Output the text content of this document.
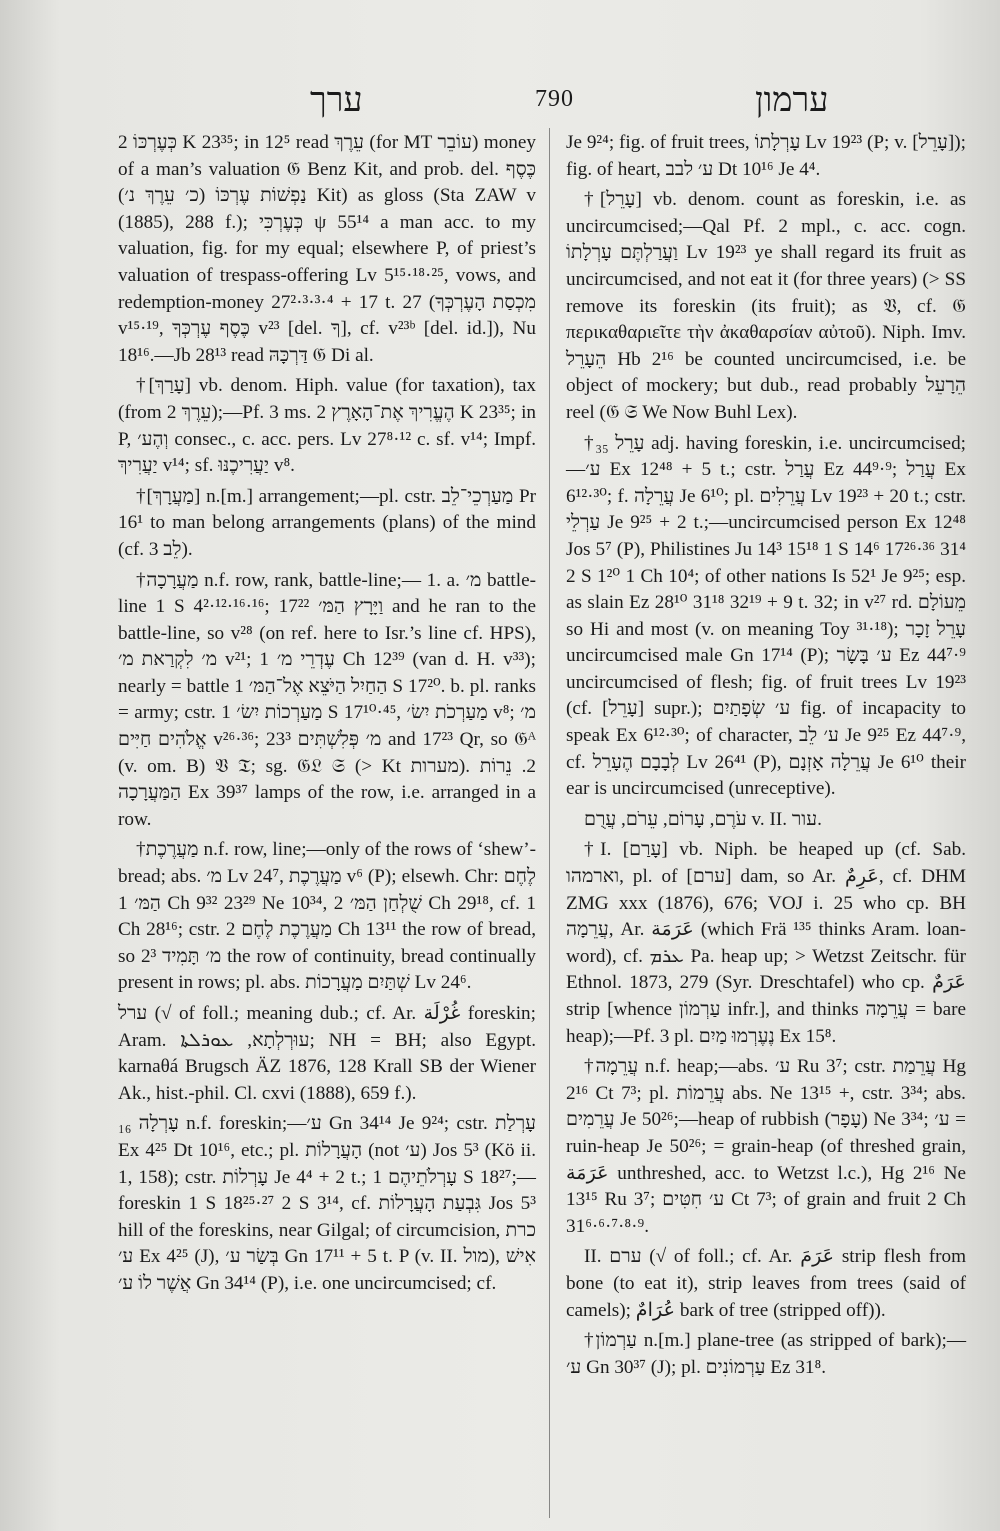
ערך	790	ערמון

כְּעֶרְכּוֹ 2 K 23³⁵; in 12⁵ read עֵרֶךְ (for MT עוֹבֵר) money of a man’s valuation 𝔊 Benz Kit, and prob. del. כֶּסֶף נַפְשׁוֹת עֶרְכּוֹ (כ׳ עֵרֶךְ נ׳) Kit) as gloss (Sta ZAW v (1885), 288 f.); כְּעֶרְכִּי ψ 55¹⁴ a man acc. to my valuation, fig. for my equal; elsewhere P, of priest’s valuation of trespass-offering Lv 5¹⁵·¹⁸·²⁵, vows, and redemption-money 27²·³·³·⁴ + 17 t. 27 (מִכְסַת הָעֶרְכְּךָ v¹⁵·¹⁹, כֶּסֶף עֶרְכְּךָ v²³ [del. ךָ], cf. v²³ᵇ [del. id.]), Nu 18¹⁶.—Jb 28¹³ read דַּרְכָּהּ 𝔊 Di al.

†[עָרַךְ] vb. denom. Hiph. value (for taxation), tax (from עֵרֶךְ 2);—Pf. 3 ms. הֶעֱרִיךְ אֶת־הָאָרֶץ 2 K 23³⁵; in P, וְהֶע׳ consec., c. acc. pers. Lv 27⁸·¹² c. sf. v¹⁴; Impf. יַעֲרִיךְ v¹⁴; sf. יַעֲרִיכֶנּוּ v⁸.

†[מַעֲרָךְ] n.[m.] arrangement;—pl. cstr. מַעַרְכֵי־לֵב Pr 16¹ to man belong arrangements (plans) of the mind (cf. לֵב 3).

†מַעֲרָכָה n.f. row, rank, battle-line;— 1. a. מ׳ battle-line 1 S 4²·¹²·¹⁶·¹⁶; וַיָּרָץ הַמּ׳ 17²² and he ran to the battle-line, so v²⁸ (on ref. here to Isr.’s line cf. HPS), מ׳ לִקְרַאת מ׳ v²¹; עֶדְרֵי מ׳ 1 Ch 12³⁹ (van d. H. v³³); nearly = battle הַחַיִל הַיֹּצֵא אֶל־הַמּ׳ 1 S 17²⁰. b. pl. ranks = army; cstr. מַעַרְכוֹת יִשׂ׳ 1 S 17¹⁰·⁴⁵, מַעַרְכֹת יִשׂ׳ v⁸; מ׳ אֱלֹהִים חַיִּים v²⁶·³⁶; מ׳ פְּלִשְׁתִּים 23³ and 17²³ Qr, so 𝔊ᴬ (v. om. B) 𝔙 𝔗; sg. 𝔊𝔏 𝔖 (> Kt מערות). 2. נֵרוֹת הַמַּעֲרָכָה Ex 39³⁷ lamps of the row, i.e. arranged in a row.

†מַעֲרֶכֶת n.f. row, line;—only of the rows of ‘shew’-bread; abs. מ׳ Lv 24⁷, מַעֲרֶכֶת v⁶ (P); elsewh. Chr: לֶחֶם הַמּ׳ 1 Ch 9³² 23²⁹ Ne 10³⁴, שֻׁלְחַן הַמּ׳ 2 Ch 29¹⁸, cf. 1 Ch 28¹⁶; cstr. מַעֲרֶכֶת לֶחֶם 2 Ch 13¹¹ the row of bread, so מ׳ תָּמִיד 2³ the row of continuity, bread continually present in rows; pl. abs. שְׁתַּיִם מַעֲרָכוֹת Lv 24⁶.

ערל (√ of foll.; meaning dub.; cf. Ar. غُرْلَة foreskin; Aram. עוּרְלְתָא, ܥܘܪܠܬܐ; NH = BH; also Egypt. karnaθá Brugsch ÄZ 1876, 128 Krall SB der Wiener Ak., hist.-phil. Cl. cxvi (1888), 659 f.).

עָרְלָה ₁₆ n.f. foreskin;—ע׳ Gn 34¹⁴ Je 9²⁴; cstr. עָרְלַת Ex 4²⁵ Dt 10¹⁶, etc.; pl. הָעֲרָלוֹת (not ע׳) Jos 5³ (Kö ii. 1, 158); cstr. עָרְלוֹת Je 4⁴ + 2 t.; עָרְלֹתֵיהֶם 1 S 18²⁷;—foreskin 1 S 18²⁵·²⁷ 2 S 3¹⁴, cf. גִּבְעַת הָעֲרָלוֹת Jos 5³ hill of the foreskins, near Gilgal; of circumcision, כרת ע׳ Ex 4²⁵ (J), בְּשַׂר ע׳ Gn 17¹¹ + 5 t. P (v. II. מול), אִישׁ אֲשֶׁר לוֹ ע׳ Gn 34¹⁴ (P), i.e. one uncircumcised; cf.

Je 9²⁴; fig. of fruit trees, עָרְלָתוֹ Lv 19²³ (P; v. [עָרֵל]); fig. of heart, ע׳ לבב Dt 10¹⁶ Je 4⁴.

†[עָרֵל] vb. denom. count as foreskin, i.e. as uncircumcised;—Qal Pf. 2 mpl., c. acc. cogn. וַעֲרַלְתֶּם עָרְלָתוֹ Lv 19²³ ye shall regard its fruit as uncircumcised, and not eat it (for three years) (> SS remove its foreskin (its fruit); as 𝔙, cf. 𝔊 περικαθαριεῖτε τὴν ἀκαθαρσίαν αὐτοῦ). Niph. Imv. הֵעָרֵל Hb 2¹⁶ be counted uncircumcised, i.e. be object of mockery; but dub., read probably הֵרָעֵל reel (𝔊 𝔖 We Now Buhl Lex).

†עָרֵל ₃₅ adj. having foreskin, i.e. uncircumcised;—ע׳ Ex 12⁴⁸ + 5 t.; cstr. עֲרַל Ez 44⁹·⁹; עֲרַל Ex 6¹²·³⁰; f. עֲרֵלָה Je 6¹⁰; pl. עֲרֵלִים Lv 19²³ + 20 t.; cstr. עַרְלֵי Je 9²⁵ + 2 t.;—uncircumcised person Ex 12⁴⁸ Jos 5⁷ (P), Philistines Ju 14³ 15¹⁸ 1 S 14⁶ 17²⁶·³⁶ 31⁴ 2 S 1²⁰ 1 Ch 10⁴; of other nations Is 52¹ Je 9²⁵; esp. as slain Ez 28¹⁰ 31¹⁸ 32¹⁹ + 9 t. 32; in v²⁷ rd. מֵעוֹלָם so Hi and most (v. on meaning Toy ³¹·¹⁸); עָרֵל זָכָר uncircumcised male Gn 17¹⁴ (P); ע׳ בָּשָׂר Ez 44⁷·⁹ uncircumcised of flesh; fig. of fruit trees Lv 19²³ (cf. [עָרֵל] supr.); ע׳ שְׂפָתַיִם fig. of incapacity to speak Ex 6¹²·³⁰; of character, ע׳ לֵב Je 9²⁵ Ez 44⁷·⁹, cf. לְבָבָם הֶעָרֵל Lv 26⁴¹ (P), עֲרֵלָה אָזְנָם Je 6¹⁰ their ear is uncircumcised (unreceptive).

עֹרֶם, עָרוֹם, עֵרֹם, עֲרֻם v. II. עור.

†I. [עָרַם] vb. Niph. be heaped up (cf. Sab. וארמהו, pl. of [ערם] dam, so Ar. عَرِمٌ, cf. DHM ZMG xxx (1876), 676; VOJ i. 25 who cp. BH עֲרֵמָה, Ar. عَرَمَة (which Frä ¹³⁵ thinks Aram. loan-word), cf. ܥܪܡ Pa. heap up; > Wetzst Zeitschr. für Ethnol. 1873, 279 (Syr. Dreschtafel) who cp. عَرَمٌ strip [whence עַרְמוֹן infr.], and thinks עֲרֵמָה = bare heap);—Pf. 3 pl. נֶעֶרְמוּ מַיִם Ex 15⁸.

†עֲרֵמָה n.f. heap;—abs. ע׳ Ru 3⁷; cstr. עֲרֵמַת Hg 2¹⁶ Ct 7³; pl. עֲרֵמוֹת abs. Ne 13¹⁵ +, cstr. 3³⁴; abs. עֲרֵמִים Je 50²⁶;—heap of rubbish (עָפָר) Ne 3³⁴; ע׳ = ruin-heap Je 50²⁶; = grain-heap (of threshed grain, عَرَمَة unthreshed, acc. to Wetzst l.c.), Hg 2¹⁶ Ne 13¹⁵ Ru 3⁷; ע׳ חִטִּים Ct 7³; of grain and fruit 2 Ch 31⁶·⁶·⁷·⁸·⁹.

II. ערם (√ of foll.; cf. Ar. عَرَمَ strip flesh from bone (to eat it), strip leaves from trees (said of camels); عُرَامٌ bark of tree (stripped off)).

†עַרְמוֹן n.[m.] plane-tree (as stripped of bark);—ע׳ Gn 30³⁷ (J); pl. עַרְמוֹנִים Ez 31⁸.
